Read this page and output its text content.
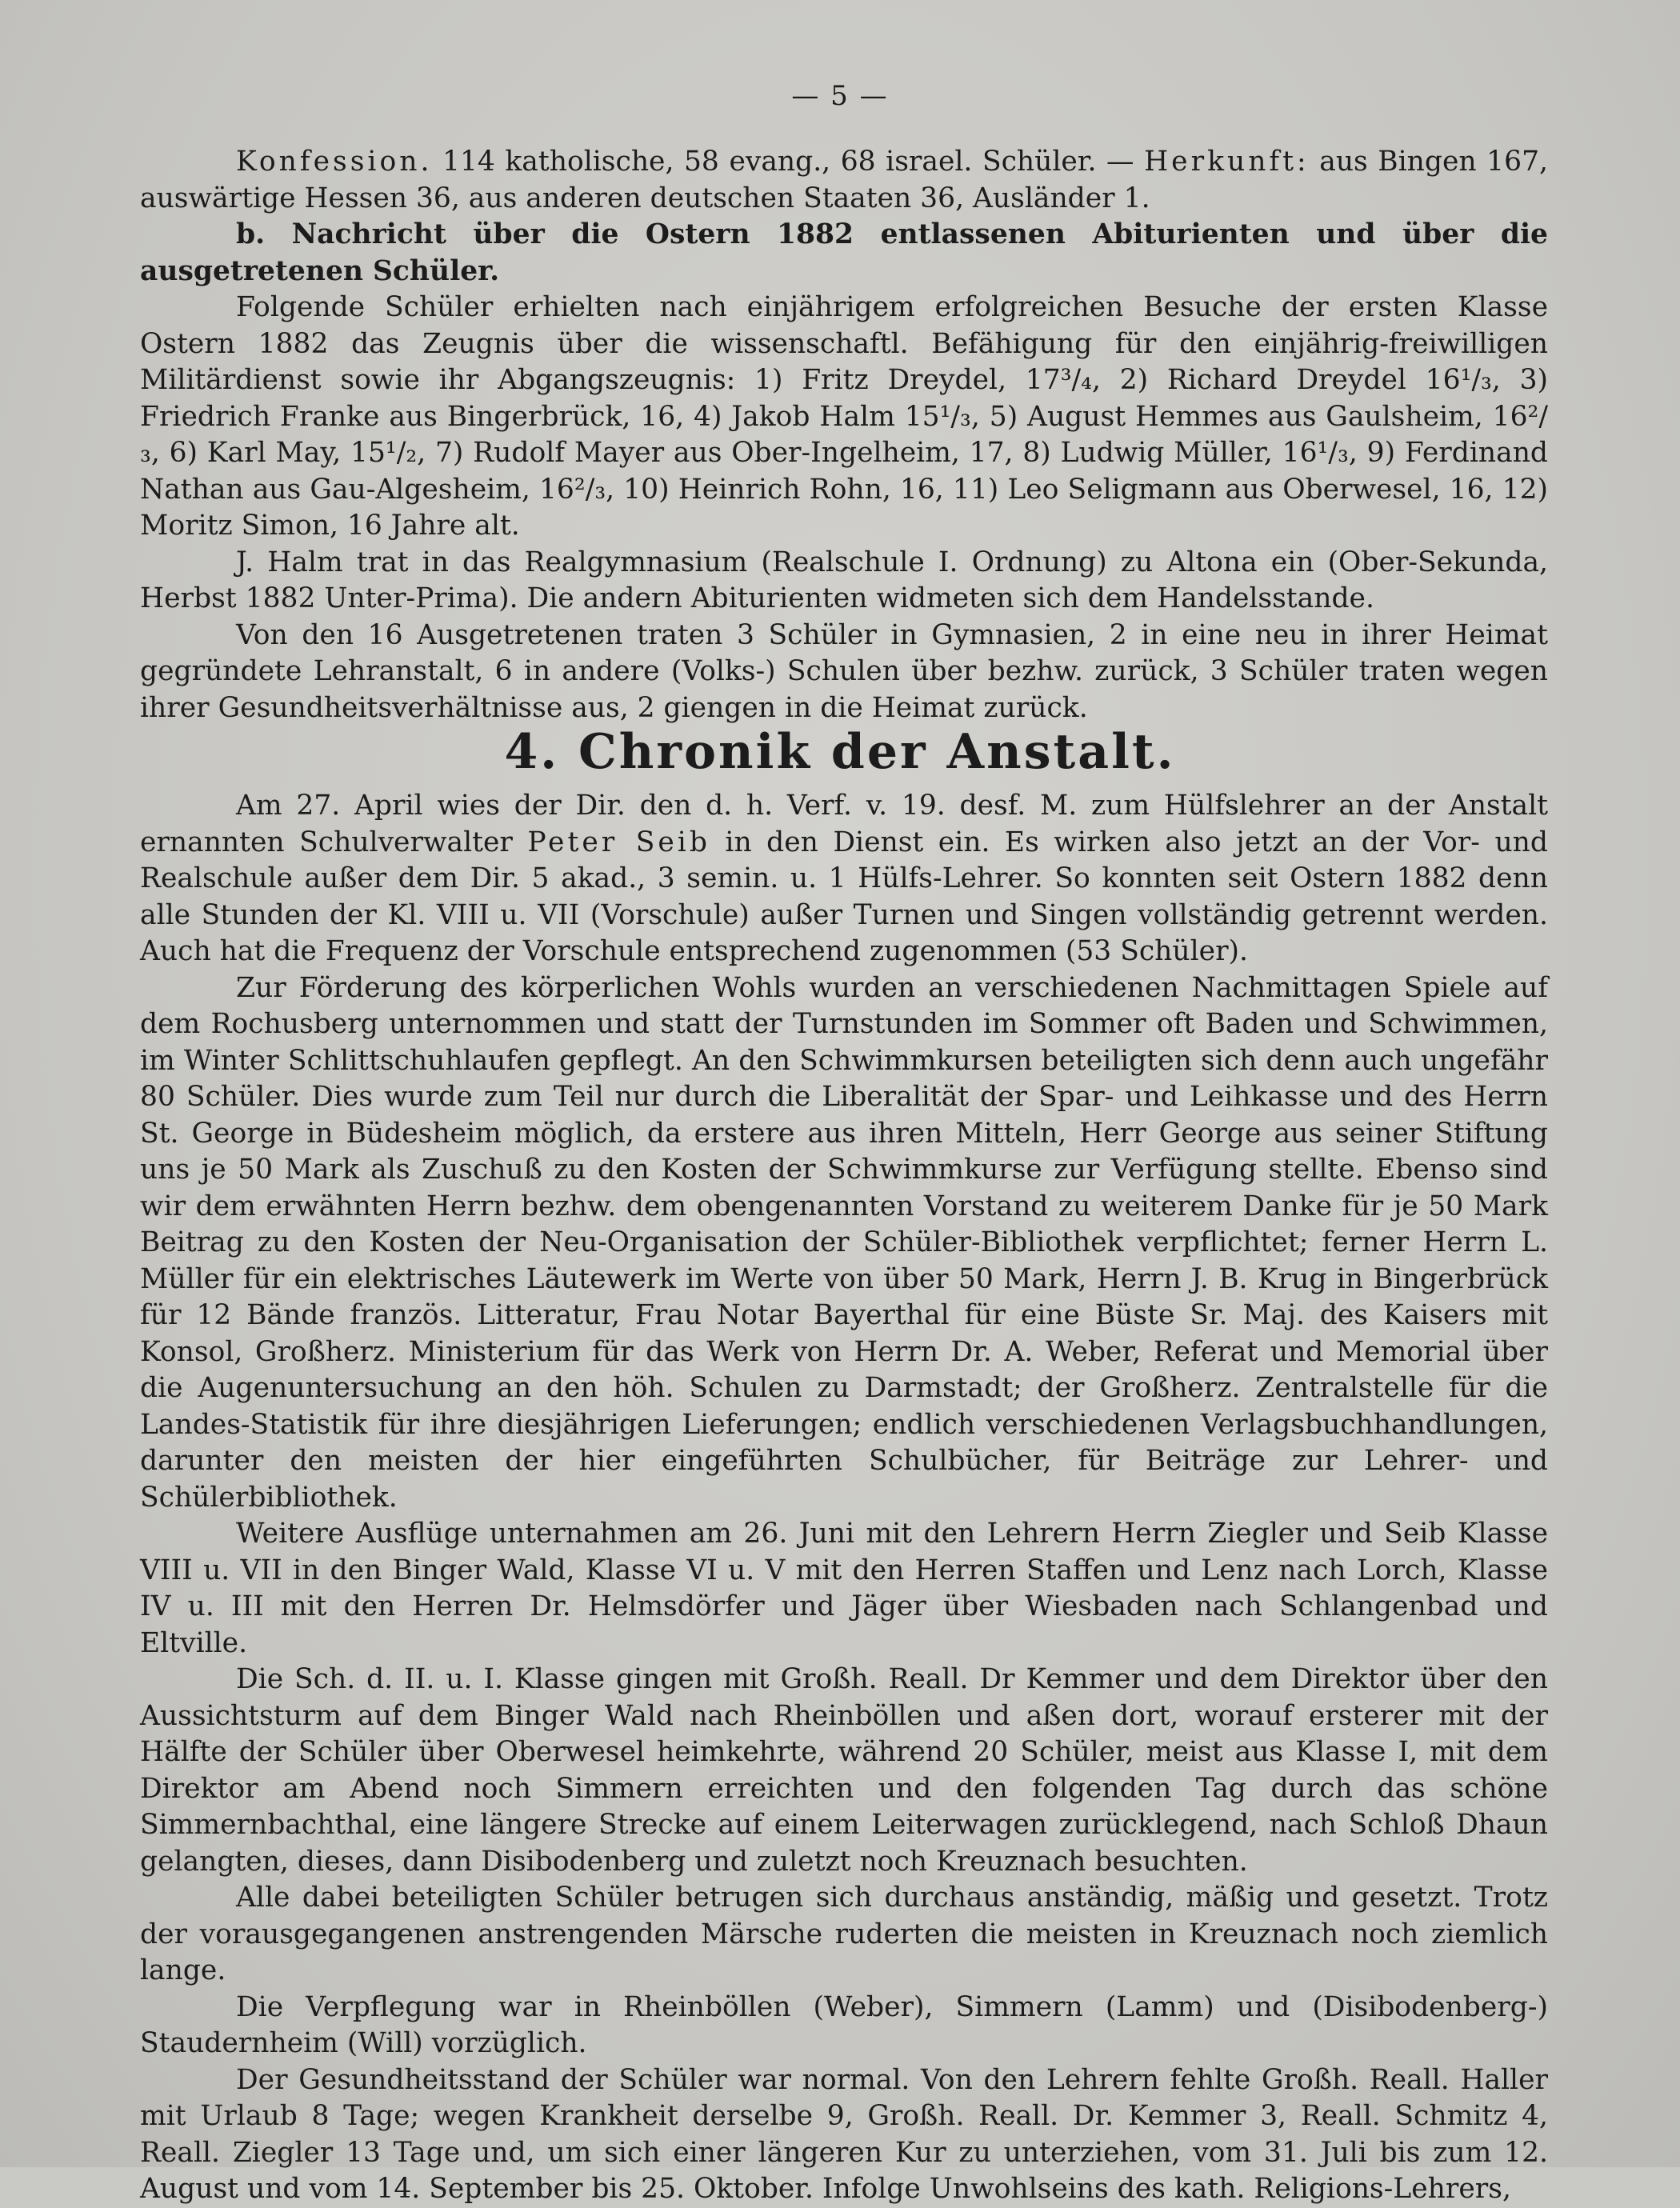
— 5 —

Konfession. 114 katholische, 58 evang., 68 israel. Schüler. — Herkunft: aus Bingen 167, auswärtige Hessen 36, aus anderen deutschen Staaten 36, Ausländer 1.

b. Nachricht über die Ostern 1882 entlassenen Abiturienten und über die ausgetretenen Schüler.

Folgende Schüler erhielten nach einjährigem erfolgreichen Besuche der ersten Klasse Ostern 1882 das Zeugnis über die wissenschaftl. Befähigung für den einjährig-freiwilligen Militärdienst sowie ihr Abgangszeugnis: 1) Fritz Dreydel, 17³/₄, 2) Richard Dreydel 16¹/₃, 3) Friedrich Franke aus Bingerbrück, 16, 4) Jakob Halm 15¹/₃, 5) August Hemmes aus Gaulsheim, 16²/₃, 6) Karl May, 15¹/₂, 7) Rudolf Mayer aus Ober-Ingelheim, 17, 8) Ludwig Müller, 16¹/₃, 9) Ferdinand Nathan aus Gau-Algesheim, 16²/₃, 10) Heinrich Rohn, 16, 11) Leo Seligmann aus Oberwesel, 16, 12) Moritz Simon, 16 Jahre alt.

J. Halm trat in das Realgymnasium (Realschule I. Ordnung) zu Altona ein (Ober-Sekunda, Herbst 1882 Unter-Prima). Die andern Abiturienten widmeten sich dem Handelsstande.

Von den 16 Ausgetretenen traten 3 Schüler in Gymnasien, 2 in eine neu in ihrer Heimat gegründete Lehranstalt, 6 in andere (Volks-) Schulen über bezhw. zurück, 3 Schüler traten wegen ihrer Gesundheitsverhältnisse aus, 2 giengen in die Heimat zurück.

4. Chronik der Anstalt.

Am 27. April wies der Dir. den d. h. Verf. v. 19. desf. M. zum Hülfslehrer an der Anstalt ernannten Schulverwalter Peter Seib in den Dienst ein. Es wirken also jetzt an der Vor- und Realschule außer dem Dir. 5 akad., 3 semin. u. 1 Hülfs-Lehrer. So konnten seit Ostern 1882 denn alle Stunden der Kl. VIII u. VII (Vorschule) außer Turnen und Singen vollständig getrennt werden. Auch hat die Frequenz der Vorschule entsprechend zugenommen (53 Schüler).

Zur Förderung des körperlichen Wohls wurden an verschiedenen Nachmittagen Spiele auf dem Rochusberg unternommen und statt der Turnstunden im Sommer oft Baden und Schwimmen, im Winter Schlittschuhlaufen gepflegt. An den Schwimmkursen beteiligten sich denn auch ungefähr 80 Schüler. Dies wurde zum Teil nur durch die Liberalität der Spar- und Leihkasse und des Herrn St. George in Büdesheim möglich, da erstere aus ihren Mitteln, Herr George aus seiner Stiftung uns je 50 Mark als Zuschuß zu den Kosten der Schwimmkurse zur Verfügung stellte. Ebenso sind wir dem erwähnten Herrn bezhw. dem obengenannten Vorstand zu weiterem Danke für je 50 Mark Beitrag zu den Kosten der Neu-Organisation der Schüler-Bibliothek verpflichtet; ferner Herrn L. Müller für ein elektrisches Läutewerk im Werte von über 50 Mark, Herrn J. B. Krug in Bingerbrück für 12 Bände französ. Litteratur, Frau Notar Bayerthal für eine Büste Sr. Maj. des Kaisers mit Konsol, Großherz. Ministerium für das Werk von Herrn Dr. A. Weber, Referat und Memorial über die Augenuntersuchung an den höh. Schulen zu Darmstadt; der Großherz. Zentralstelle für die Landes-Statistik für ihre diesjährigen Lieferungen; endlich verschiedenen Verlagsbuchhandlungen, darunter den meisten der hier eingeführten Schulbücher, für Beiträge zur Lehrer- und Schülerbibliothek.

Weitere Ausflüge unternahmen am 26. Juni mit den Lehrern Herrn Ziegler und Seib Klasse VIII u. VII in den Binger Wald, Klasse VI u. V mit den Herren Staffen und Lenz nach Lorch, Klasse IV u. III mit den Herren Dr. Helmsdörfer und Jäger über Wiesbaden nach Schlangenbad und Eltville.

Die Sch. d. II. u. I. Klasse gingen mit Großh. Reall. Dr Kemmer und dem Direktor über den Aussichtsturm auf dem Binger Wald nach Rheinböllen und aßen dort, worauf ersterer mit der Hälfte der Schüler über Oberwesel heimkehrte, während 20 Schüler, meist aus Klasse I, mit dem Direktor am Abend noch Simmern erreichten und den folgenden Tag durch das schöne Simmernbachthal, eine längere Strecke auf einem Leiterwagen zurücklegend, nach Schloß Dhaun gelangten, dieses, dann Disibodenberg und zuletzt noch Kreuznach besuchten.

Alle dabei beteiligten Schüler betrugen sich durchaus anständig, mäßig und gesetzt. Trotz der vorausgegangenen anstrengenden Märsche ruderten die meisten in Kreuznach noch ziemlich lange.

Die Verpflegung war in Rheinböllen (Weber), Simmern (Lamm) und (Disibodenberg-) Staudernheim (Will) vorzüglich.

Der Gesundheitsstand der Schüler war normal. Von den Lehrern fehlte Großh. Reall. Haller mit Urlaub 8 Tage; wegen Krankheit derselbe 9, Großh. Reall. Dr. Kemmer 3, Reall. Schmitz 4, Reall. Ziegler 13 Tage und, um sich einer längeren Kur zu unterziehen, vom 31. Juli bis zum 12. August und vom 14. September bis 25. Oktober. Infolge Unwohlseins des kath. Religions-Lehrers,
